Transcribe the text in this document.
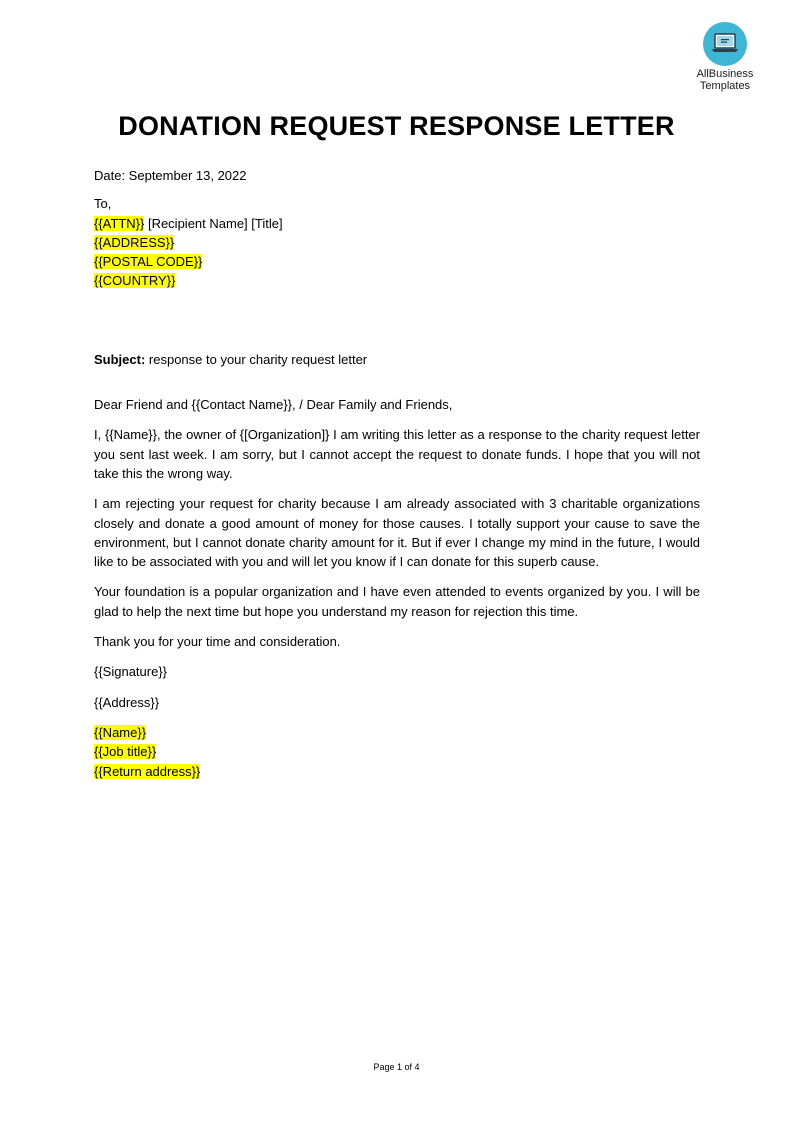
AllBusiness
Templates
DONATION REQUEST RESPONSE LETTER

Date: September 13, 2022

To,

{{ATTN}} [Recipient Name] [Title]

{{ADDRESS}}

{{POSTAL CODE}}

{{COUNTRY}}

Subject: response to your charity request letter

Dear Friend and {{Contact Name}}, / Dear Family and Friends,

I, {{Name}}, the owner of {[Organization]} I am writing this letter as a response to the charity request letter you sent last week. I am sorry, but I cannot accept the request to donate funds. I hope that you will not take this the wrong way.

I am rejecting your request for charity because I am already associated with 3 charitable organizations closely and donate a good amount of money for those causes. I totally support your cause to save the environment, but I cannot donate charity amount for it. But if ever I change my mind in the future, I would like to be associated with you and will let you know if I can donate for this superb cause.

Your foundation is a popular organization and I have even attended to events organized by you. I will be glad to help the next time but hope you understand my reason for rejection this time.

Thank you for your time and consideration.

{{Signature}}

{{Address}}

{{Name}}

{{Job title}}

{{Return address}}

Page 1 of 4
